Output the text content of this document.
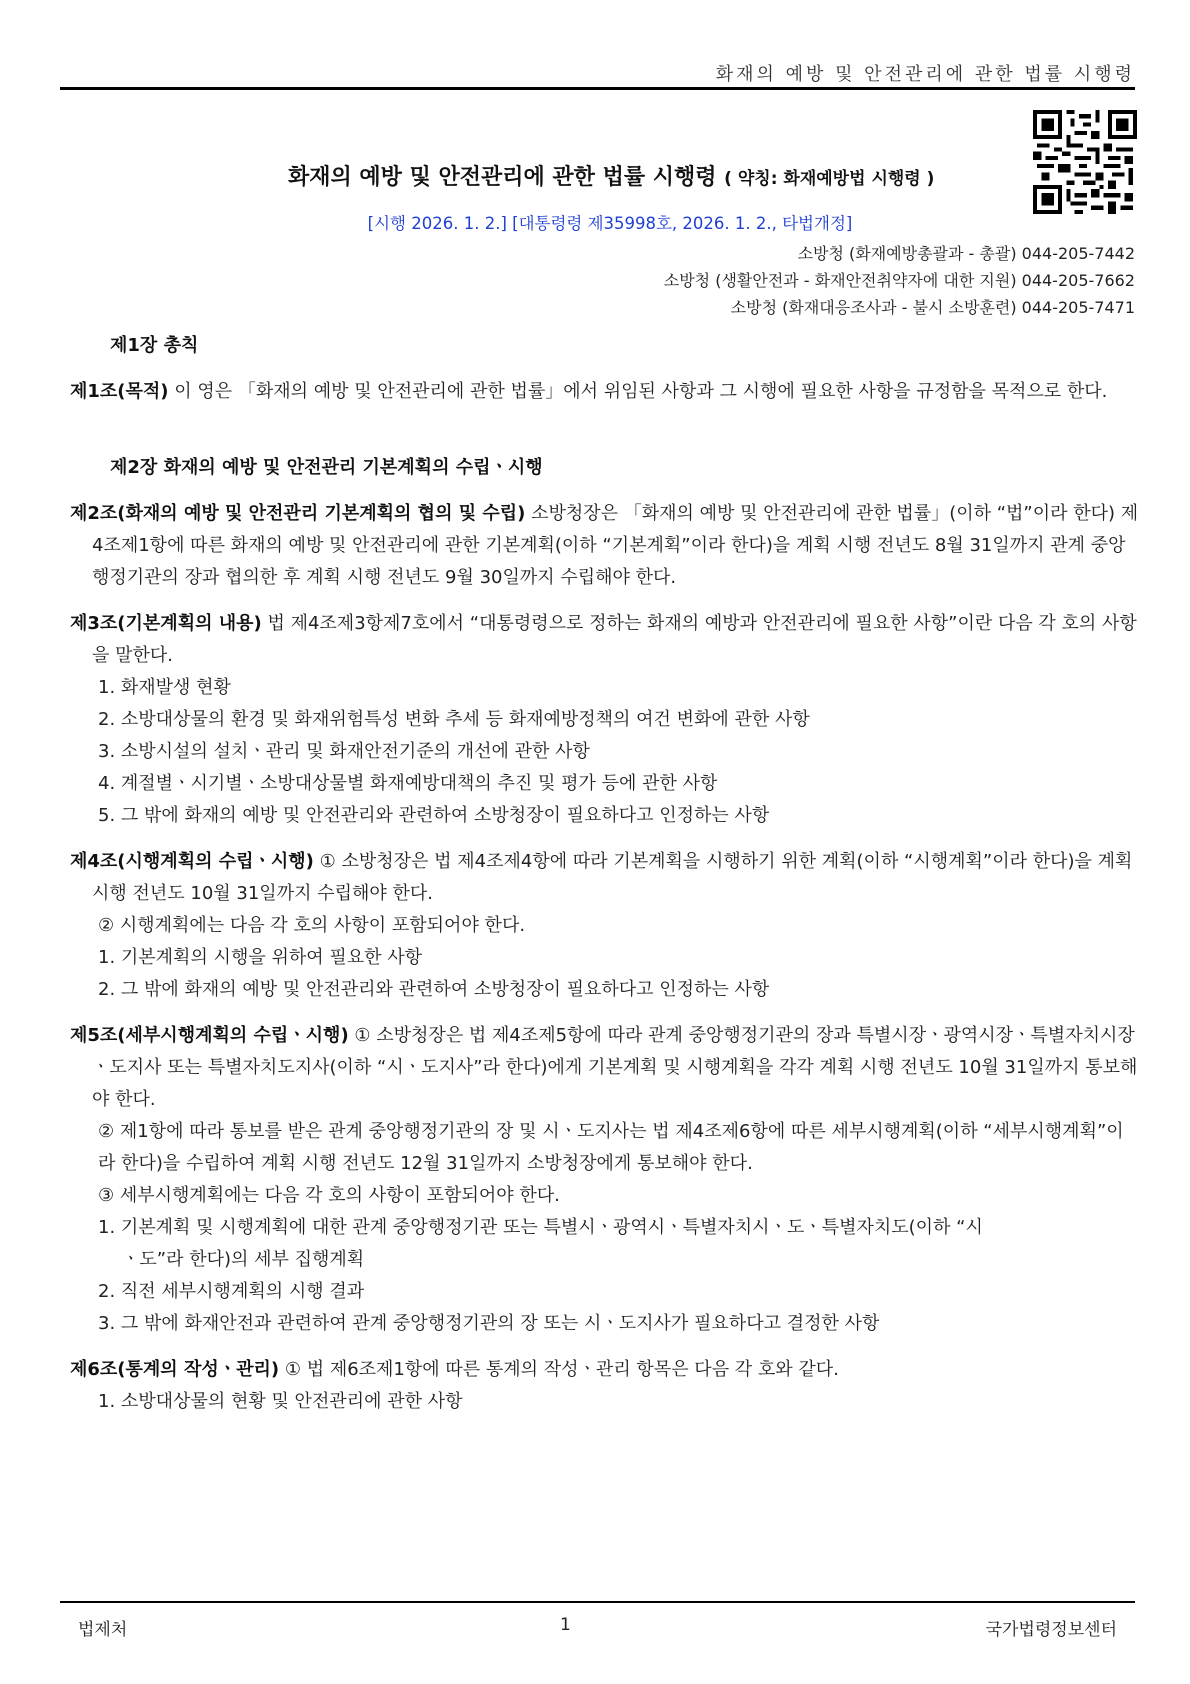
화재의 예방 및 안전관리에 관한 법률 시행령
화재의 예방 및 안전관리에 관한 법률 시행령 ( 약칭: 화재예방법 시행령 )
[시행 2026. 1. 2.] [대통령령 제35998호, 2026. 1. 2., 타법개정]
소방청 (화재예방총괄과 - 총괄) 044-205-7442
소방청 (생활안전과 - 화재안전취약자에 대한 지원) 044-205-7662
소방청 (화재대응조사과 - 불시 소방훈련) 044-205-7471
제1장 총칙
제1조(목적) 이 영은 「화재의 예방 및 안전관리에 관한 법률」에서 위임된 사항과 그 시행에 필요한 사항을 규정함을 목적으로 한다.
제2장 화재의 예방 및 안전관리 기본계획의 수립ㆍ시행
제2조(화재의 예방 및 안전관리 기본계획의 협의 및 수립) 소방청장은 「화재의 예방 및 안전관리에 관한 법률」(이하 “법”이라 한다) 제4조제1항에 따른 화재의 예방 및 안전관리에 관한 기본계획(이하 “기본계획”이라 한다)을 계획 시행 전년도 8월 31일까지 관계 중앙행정기관의 장과 협의한 후 계획 시행 전년도 9월 30일까지 수립해야 한다.
제3조(기본계획의 내용) 법 제4조제3항제7호에서 “대통령령으로 정하는 화재의 예방과 안전관리에 필요한 사항”이란 다음 각 호의 사항을 말한다.
1. 화재발생 현황
2. 소방대상물의 환경 및 화재위험특성 변화 추세 등 화재예방정책의 여건 변화에 관한 사항
3. 소방시설의 설치ㆍ관리 및 화재안전기준의 개선에 관한 사항
4. 계절별ㆍ시기별ㆍ소방대상물별 화재예방대책의 추진 및 평가 등에 관한 사항
5. 그 밖에 화재의 예방 및 안전관리와 관련하여 소방청장이 필요하다고 인정하는 사항
제4조(시행계획의 수립ㆍ시행) ① 소방청장은 법 제4조제4항에 따라 기본계획을 시행하기 위한 계획(이하 “시행계획”이라 한다)을 계획 시행 전년도 10월 31일까지 수립해야 한다.
② 시행계획에는 다음 각 호의 사항이 포함되어야 한다.
1. 기본계획의 시행을 위하여 필요한 사항
2. 그 밖에 화재의 예방 및 안전관리와 관련하여 소방청장이 필요하다고 인정하는 사항
제5조(세부시행계획의 수립ㆍ시행) ① 소방청장은 법 제4조제5항에 따라 관계 중앙행정기관의 장과 특별시장ㆍ광역시장ㆍ특별자치시장ㆍ도지사 또는 특별자치도지사(이하 “시ㆍ도지사”라 한다)에게 기본계획 및 시행계획을 각각 계획 시행 전년도 10월 31일까지 통보해야 한다.
② 제1항에 따라 통보를 받은 관계 중앙행정기관의 장 및 시ㆍ도지사는 법 제4조제6항에 따른 세부시행계획(이하 “세부시행계획”이라 한다)을 수립하여 계획 시행 전년도 12월 31일까지 소방청장에게 통보해야 한다.
③ 세부시행계획에는 다음 각 호의 사항이 포함되어야 한다.
1. 기본계획 및 시행계획에 대한 관계 중앙행정기관 또는 특별시ㆍ광역시ㆍ특별자치시ㆍ도ㆍ특별자치도(이하 “시
ㆍ도”라 한다)의 세부 집행계획
2. 직전 세부시행계획의 시행 결과
3. 그 밖에 화재안전과 관련하여 관계 중앙행정기관의 장 또는 시ㆍ도지사가 필요하다고 결정한 사항
제6조(통계의 작성ㆍ관리) ① 법 제6조제1항에 따른 통계의 작성ㆍ관리 항목은 다음 각 호와 같다.
1. 소방대상물의 현황 및 안전관리에 관한 사항
법제처	1	국가법령정보센터
